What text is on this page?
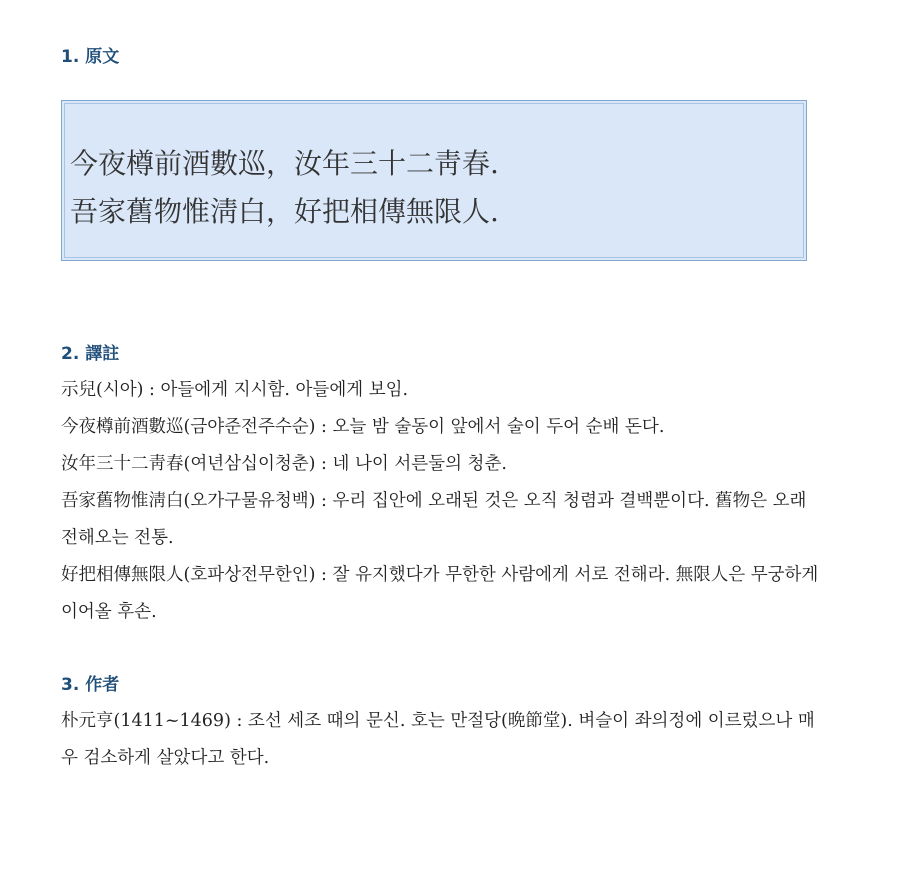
1. 原文
今夜樽前酒數巡，汝年三十二靑春.
吾家舊物惟淸白，好把相傳無限人.
2. 譯註

示兒(시아) : 아들에게 지시함. 아들에게 보임.

今夜樽前酒數巡(금야준전주수순) : 오늘 밤 술동이 앞에서 술이 두어 순배 돈다.

汝年三十二靑春(여년삼십이청춘) : 네 나이 서른둘의 청춘.

吾家舊物惟淸白(오가구물유청백) : 우리 집안에 오래된 것은 오직 청렴과 결백뿐이다. 舊物은 오래 전해오는 전통.

好把相傳無限人(호파상전무한인) : 잘 유지했다가 무한한 사람에게 서로 전해라. 無限人은 무궁하게 이어올 후손.

3. 作者

朴元亨(1411~1469) : 조선 세조 때의 문신. 호는 만절당(晩節堂). 벼슬이 좌의정에 이르렀으나 매우 검소하게 살았다고 한다.
